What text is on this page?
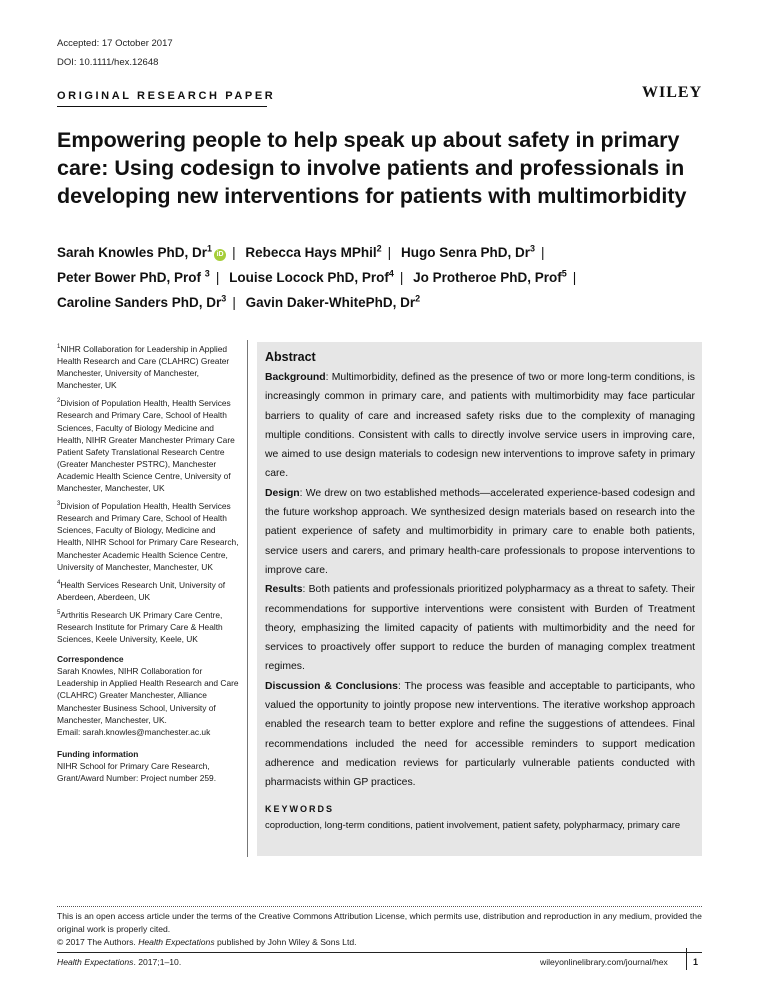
Accepted: 17 October 2017
DOI: 10.1111/hex.12648
ORIGINAL RESEARCH PAPER	WILEY
Empowering people to help speak up about safety in primary care: Using codesign to involve patients and professionals in developing new interventions for patients with multimorbidity
Sarah Knowles PhD, Dr$^1$iD | Rebecca Hays MPhil$^2$ | Hugo Senra PhD, Dr$^3$ |
Peter Bower PhD, Prof $^3$ | Louise Locock PhD, Prof$^4$ | Jo Protheroe PhD, Prof$^5$ |
Caroline Sanders PhD, Dr$^3$ | Gavin Daker-WhitePhD, Dr$^2$

$^1$NIHR Collaboration for Leadership in Applied Health Research and Care (CLAHRC) Greater Manchester, University of Manchester, Manchester, UK

$^2$Division of Population Health, Health Services Research and Primary Care, School of Health Sciences, Faculty of Biology Medicine and Health, NIHR Greater Manchester Primary Care Patient Safety Translational Research Centre (Greater Manchester PSTRC), Manchester Academic Health Science Centre, University of Manchester, Manchester, UK

$^3$Division of Population Health, Health Services Research and Primary Care, School of Health Sciences, Faculty of Biology, Medicine and Health, NIHR School for Primary Care Research, Manchester Academic Health Science Centre, University of Manchester, Manchester, UK

$^4$Health Services Research Unit, University of Aberdeen, Aberdeen, UK

$^5$Arthritis Research UK Primary Care Centre, Research Institute for Primary Care & Health Sciences, Keele University, Keele, UK

Correspondence

Sarah Knowles, NIHR Collaboration for Leadership in Applied Health Research and Care (CLAHRC) Greater Manchester, Alliance Manchester Business School, University of Manchester, Manchester, UK.
Email: sarah.knowles@manchester.ac.uk

Funding information

NIHR School for Primary Care Research, Grant/Award Number: Project number 259.

Abstract
Background: Multimorbidity, defined as the presence of two or more long-term conditions, is increasingly common in primary care, and patients with multimorbidity may face particular barriers to quality of care and increased safety risks due to the complexity of managing multiple conditions. Consistent with calls to directly involve service users in improving care, we aimed to use design materials to codesign new interventions to improve safety in primary care.
Design: We drew on two established methods—accelerated experience-based codesign and the future workshop approach. We synthesized design materials based on research into the patient experience of safety and multimorbidity in primary care to enable both patients, service users and carers, and primary health-care professionals to propose interventions to improve care.
Results: Both patients and professionals prioritized polypharmacy as a threat to safety. Their recommendations for supportive interventions were consistent with Burden of Treatment theory, emphasizing the limited capacity of patients with multimorbidity and the need for services to proactively offer support to reduce the burden of managing complex treatment regimes.
Discussion & Conclusions: The process was feasible and acceptable to participants, who valued the opportunity to jointly propose new interventions. The iterative workshop approach enabled the research team to better explore and refine the suggestions of attendees. Final recommendations included the need for accessible reminders to support medication adherence and medication reviews for particularly vulnerable patients conducted with pharmacists within GP practices.
KEYWORDS
coproduction, long-term conditions, patient involvement, patient safety, polypharmacy, primary care
This is an open access article under the terms of the Creative Commons Attribution License, which permits use, distribution and reproduction in any medium, provided the original work is properly cited.
© 2017 The Authors. Health Expectations published by John Wiley & Sons Ltd.
Health Expectations. 2017;1–10.	wileyonlinelibrary.com/journal/hex	1
